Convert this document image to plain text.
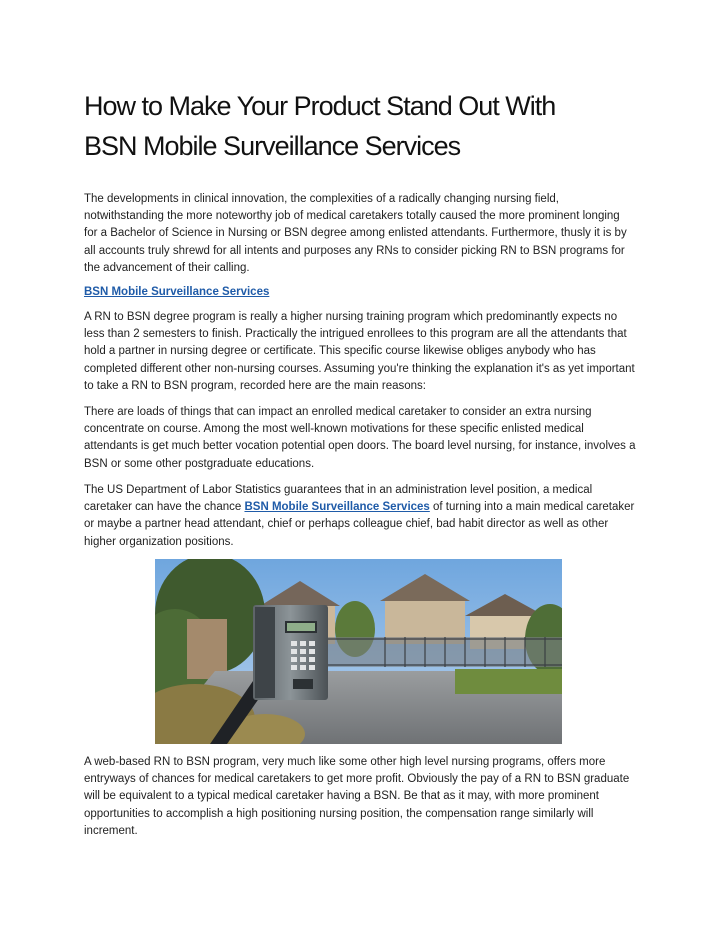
How to Make Your Product Stand Out With
BSN Mobile Surveillance Services

The developments in clinical innovation, the complexities of a radically changing nursing field, notwithstanding the more noteworthy job of medical caretakers totally caused the more prominent longing for a Bachelor of Science in Nursing or BSN degree among enlisted attendants. Furthermore, thusly it is by all accounts truly shrewd for all intents and purposes any RNs to consider picking RN to BSN programs for the advancement of their calling.

BSN Mobile Surveillance Services

A RN to BSN degree program is really a higher nursing training program which predominantly expects no less than 2 semesters to finish. Practically the intrigued enrollees to this program are all the attendants that hold a partner in nursing degree or certificate. This specific course likewise obliges anybody who has completed different other non-nursing courses. Assuming you're thinking the explanation it's as yet important to take a RN to BSN program, recorded here are the main reasons:

There are loads of things that can impact an enrolled medical caretaker to consider an extra nursing concentrate on course. Among the most well-known motivations for these specific enlisted medical attendants is get much better vocation potential open doors. The board level nursing, for instance, involves a BSN or some other postgraduate educations.

The US Department of Labor Statistics guarantees that in an administration level position, a medical caretaker can have the chance BSN Mobile Surveillance Services of turning into a main medical caretaker or maybe a partner head attendant, chief or perhaps colleague chief, bad habit director as well as other higher organization positions.

A web-based RN to BSN program, very much like some other high level nursing programs, offers more entryways of chances for medical caretakers to get more profit. Obviously the pay of a RN to BSN graduate will be equivalent to a typical medical caretaker having a BSN. Be that as it may, with more prominent opportunities to accomplish a high positioning nursing position, the compensation range similarly will increment.
